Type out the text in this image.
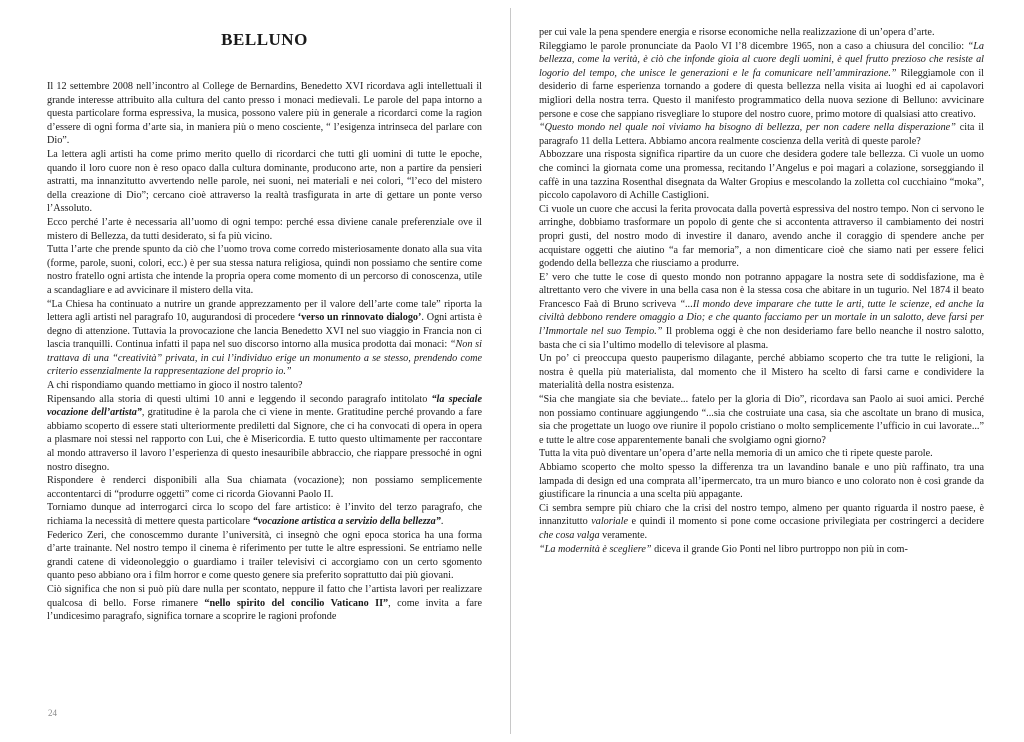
BELLUNO

Il 12 settembre 2008 nell’incontro al College de Bernardins, Benedetto XVI ricordava agli intellettuali il grande interesse attribuito alla cultura del canto presso i monaci medievali. Le parole del papa intorno a questa particolare forma espressiva, la musica, possono valere più in generale a ricordarci come la ragion d’essere di ogni forma d’arte sia, in maniera più o meno cosciente, “ l’esigenza intrinseca del parlare con Dio”.

La lettera agli artisti ha come primo merito quello di ricordarci che tutti gli uomini di tutte le epoche, quando il loro cuore non è reso opaco dalla cultura dominante, producono arte, non a partire da pensieri astratti, ma innanzitutto avvertendo nelle parole, nei suoni, nei materiali e nei colori, “l’eco del mistero della creazione di Dio”; cercano cioè attraverso la realtà trasfigurata in arte di gettare un ponte verso l’Assoluto.

Ecco perché l’arte è necessaria all’uomo di ogni tempo: perché essa diviene canale preferenziale ove il mistero di Bellezza, da tutti desiderato, si fa più vicino.

Tutta l’arte che prende spunto da ciò che l’uomo trova come corredo misteriosamente donato alla sua vita (forme, parole, suoni, colori, ecc.) è per sua stessa natura religiosa, quindi non possiamo che sentire come nostro fratello ogni artista che intende la propria opera come momento di un percorso di conoscenza, utile a scandagliare e ad avvicinare il mistero della vita.

“La Chiesa ha continuato a nutrire un grande apprezzamento per il valore dell’arte come tale” riporta la lettera agli artisti nel paragrafo 10, augurandosi di procedere ‘verso un rinnovato dialogo’. Ogni artista è degno di attenzione. Tuttavia la provocazione che lancia Benedetto XVI nel suo viaggio in Francia non ci lascia tranquilli. Continua infatti il papa nel suo discorso intorno alla musica prodotta dai monaci: “Non si trattava di una “creatività” privata, in cui l’individuo erige un monumento a se stesso, prendendo come criterio essenzialmente la rappresentazione del proprio io.”

A chi rispondiamo quando mettiamo in gioco il nostro talento?

Ripensando alla storia di questi ultimi 10 anni e leggendo il secondo paragrafo intitolato “la speciale vocazione dell’artista”, gratitudine è la parola che ci viene in mente. Gratitudine perché provando a fare abbiamo scoperto di essere stati ulteriormente prediletti dal Signore, che ci ha convocati di opera in opera a plasmare noi stessi nel rapporto con Lui, che è Misericordia. E tutto questo ultimamente per raccontare al mondo attraverso il lavoro l’esperienza di questo inesauribile abbraccio, che riappare pressoché in ogni nostro disegno.

Rispondere è renderci disponibili alla Sua chiamata (vocazione); non possiamo semplicemente accontentarci di “produrre oggetti” come ci ricorda Giovanni Paolo II.

Torniamo dunque ad interrogarci circa lo scopo del fare artistico: è l’invito del terzo paragrafo, che richiama la necessità di mettere questa particolare “vocazione artistica a servizio della bellezza”.

Federico Zeri, che conoscemmo durante l’università, ci insegnò che ogni epoca storica ha una forma d’arte trainante. Nel nostro tempo il cinema è riferimento per tutte le altre espressioni. Se entriamo nelle grandi catene di videonoleggio o guardiamo i trailer televisivi ci accorgiamo con un certo sgomento quanto peso abbiano ora i film horror e come questo genere sia preferito soprattutto dai più giovani.

Ciò significa che non si può più dare nulla per scontato, neppure il fatto che l’artista lavori per realizzare qualcosa di bello. Forse rimanere “nello spirito del concilio Vaticano II”, come invita a fare l’undicesimo paragrafo, significa tornare a scoprire le ragioni profonde

24

per cui vale la pena spendere energia e risorse economiche nella realizzazione di un’opera d’arte.

Rileggiamo le parole pronunciate da Paolo VI l’8 dicembre 1965, non a caso a chiusura del concilio: “La bellezza, come la verità, è ciò che infonde gioia al cuore degli uomini, è quel frutto prezioso che resiste al logorio del tempo, che unisce le generazioni e le fa comunicare nell’ammirazione.” Rileggiamole con il desiderio di farne esperienza tornando a godere di questa bellezza nella visita ai luoghi ed ai capolavori migliori della nostra terra. Questo il manifesto programmatico della nuova sezione di Belluno: avvicinare persone e cose che sappiano risvegliare lo stupore del nostro cuore, primo motore di qualsiasi atto creativo.

“Questo mondo nel quale noi viviamo ha bisogno di bellezza, per non cadere nella disperazione” cita il paragrafo 11 della Lettera. Abbiamo ancora realmente coscienza della verità di queste parole?

Abbozzare una risposta significa ripartire da un cuore che desidera godere tale bellezza. Ci vuole un uomo che cominci la giornata come una promessa, recitando l’Angelus e poi magari a colazione, sorseggiando il caffè in una tazzina Rosenthal disegnata da Walter Gropius e mescolando la zolletta col cucchiaino “moka”, piccolo capolavoro di Achille Castiglioni.

Ci vuole un cuore che accusi la ferita provocata dalla povertà espressiva del nostro tempo. Non ci servono le arringhe, dobbiamo trasformare un popolo di gente che si accontenta attraverso il cambiamento dei nostri propri gusti, del nostro modo di investire il danaro, avendo anche il coraggio di spendere anche per acquistare oggetti che aiutino “a far memoria”, a non dimenticare cioè che siamo nati per essere felici godendo della bellezza che riusciamo a produrre.

E’ vero che tutte le cose di questo mondo non potranno appagare la nostra sete di soddisfazione, ma è altrettanto vero che vivere in una bella casa non è la stessa cosa che abitare in un tugurio. Nel 1874 il beato Francesco Faà di Bruno scriveva “...Il mondo deve imparare che tutte le arti, tutte le scienze, ed anche la civiltà debbono rendere omaggio a Dio; e che quanto facciamo per un mortale in un salotto, deve farsi per l’Immortale nel suo Tempio.” Il problema oggi è che non desideriamo fare bello neanche il nostro salotto, basta che ci sia l’ultimo modello di televisore al plasma.

Un po’ ci preoccupa questo pauperismo dilagante, perché abbiamo scoperto che tra tutte le religioni, la nostra è quella più materialista, dal momento che il Mistero ha scelto di farsi carne e condividere la materialità della nostra esistenza.

“Sia che mangiate sia che beviate... fatelo per la gloria di Dio”, ricordava san Paolo ai suoi amici. Perché non possiamo continuare aggiungendo “...sia che costruiate una casa, sia che ascoltate un brano di musica, sia che progettate un luogo ove riunire il popolo cristiano o molto semplicemente l’ufficio in cui lavorate...” e tutte le altre cose apparentemente banali che svolgiamo ogni giorno?

Tutta la vita può diventare un’opera d’arte nella memoria di un amico che ti ripete queste parole.

Abbiamo scoperto che molto spesso la differenza tra un lavandino banale e uno più raffinato, tra una lampada di design ed una comprata all’ipermercato, tra un muro bianco e uno colorato non è così grande da giustificare la rinuncia a una scelta più appagante.

Ci sembra sempre più chiaro che la crisi del nostro tempo, almeno per quanto riguarda il nostro paese, è innanzitutto valoriale e quindi il momento si pone come occasione privilegiata per costringerci a decidere che cosa valga veramente.

“La modernità è scegliere” diceva il grande Gio Ponti nel libro purtroppo non più in com-
